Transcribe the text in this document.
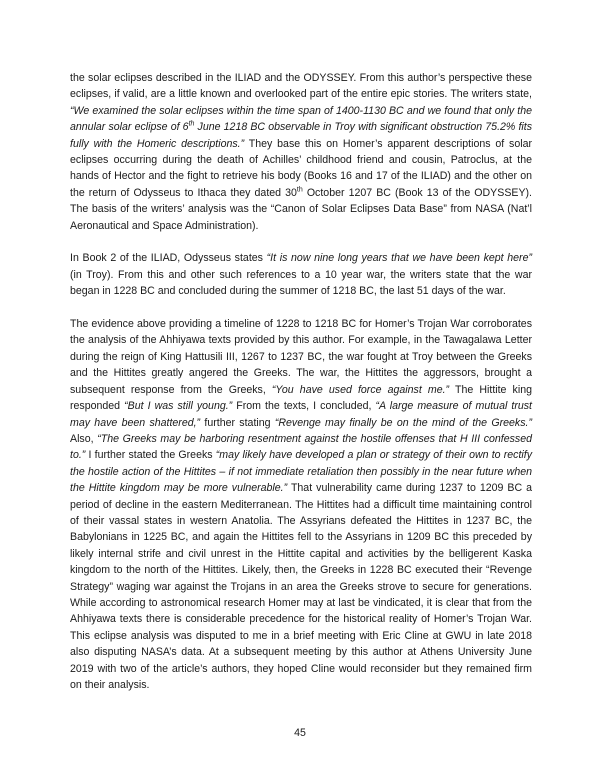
the solar eclipses described in the ILIAD and the ODYSSEY. From this author’s perspective these eclipses, if valid, are a little known and overlooked part of the entire epic stories. The writers state, “We examined the solar eclipses within the time span of 1400-1130 BC and we found that only the annular solar eclipse of 6th June 1218 BC observable in Troy with significant obstruction 75.2% fits fully with the Homeric descriptions.” They base this on Homer’s apparent descriptions of solar eclipses occurring during the death of Achilles’ childhood friend and cousin, Patroclus, at the hands of Hector and the fight to retrieve his body (Books 16 and 17 of the ILIAD) and the other on the return of Odysseus to Ithaca they dated 30th October 1207 BC (Book 13 of the ODYSSEY). The basis of the writers’ analysis was the “Canon of Solar Eclipses Data Base” from NASA (Nat’l Aeronautical and Space Administration).

In Book 2 of the ILIAD, Odysseus states “It is now nine long years that we have been kept here” (in Troy). From this and other such references to a 10 year war, the writers state that the war began in 1228 BC and concluded during the summer of 1218 BC, the last 51 days of the war.

The evidence above providing a timeline of 1228 to 1218 BC for Homer’s Trojan War corroborates the analysis of the Ahhiyawa texts provided by this author. For example, in the Tawagalawa Letter during the reign of King Hattusili III, 1267 to 1237 BC, the war fought at Troy between the Greeks and the Hittites greatly angered the Greeks. The war, the Hittites the aggressors, brought a subsequent response from the Greeks, “You have used force against me.” The Hittite king responded “But I was still young.” From the texts, I concluded, “A large measure of mutual trust may have been shattered,” further stating “Revenge may finally be on the mind of the Greeks.” Also, “The Greeks may be harboring resentment against the hostile offenses that H III confessed to.” I further stated the Greeks “may likely have developed a plan or strategy of their own to rectify the hostile action of the Hittites – if not immediate retaliation then possibly in the near future when the Hittite kingdom may be more vulnerable.” That vulnerability came during 1237 to 1209 BC a period of decline in the eastern Mediterranean. The Hittites had a difficult time maintaining control of their vassal states in western Anatolia. The Assyrians defeated the Hittites in 1237 BC, the Babylonians in 1225 BC, and again the Hittites fell to the Assyrians in 1209 BC this preceded by likely internal strife and civil unrest in the Hittite capital and activities by the belligerent Kaska kingdom to the north of the Hittites. Likely, then, the Greeks in 1228 BC executed their “Revenge Strategy” waging war against the Trojans in an area the Greeks strove to secure for generations. While according to astronomical research Homer may at last be vindicated, it is clear that from the Ahhiyawa texts there is considerable precedence for the historical reality of Homer’s Trojan War. This eclipse analysis was disputed to me in a brief meeting with Eric Cline at GWU in late 2018 also disputing NASA’s data. At a subsequent meeting by this author at Athens University June 2019 with two of the article’s authors, they hoped Cline would reconsider but they remained firm on their analysis.

45
